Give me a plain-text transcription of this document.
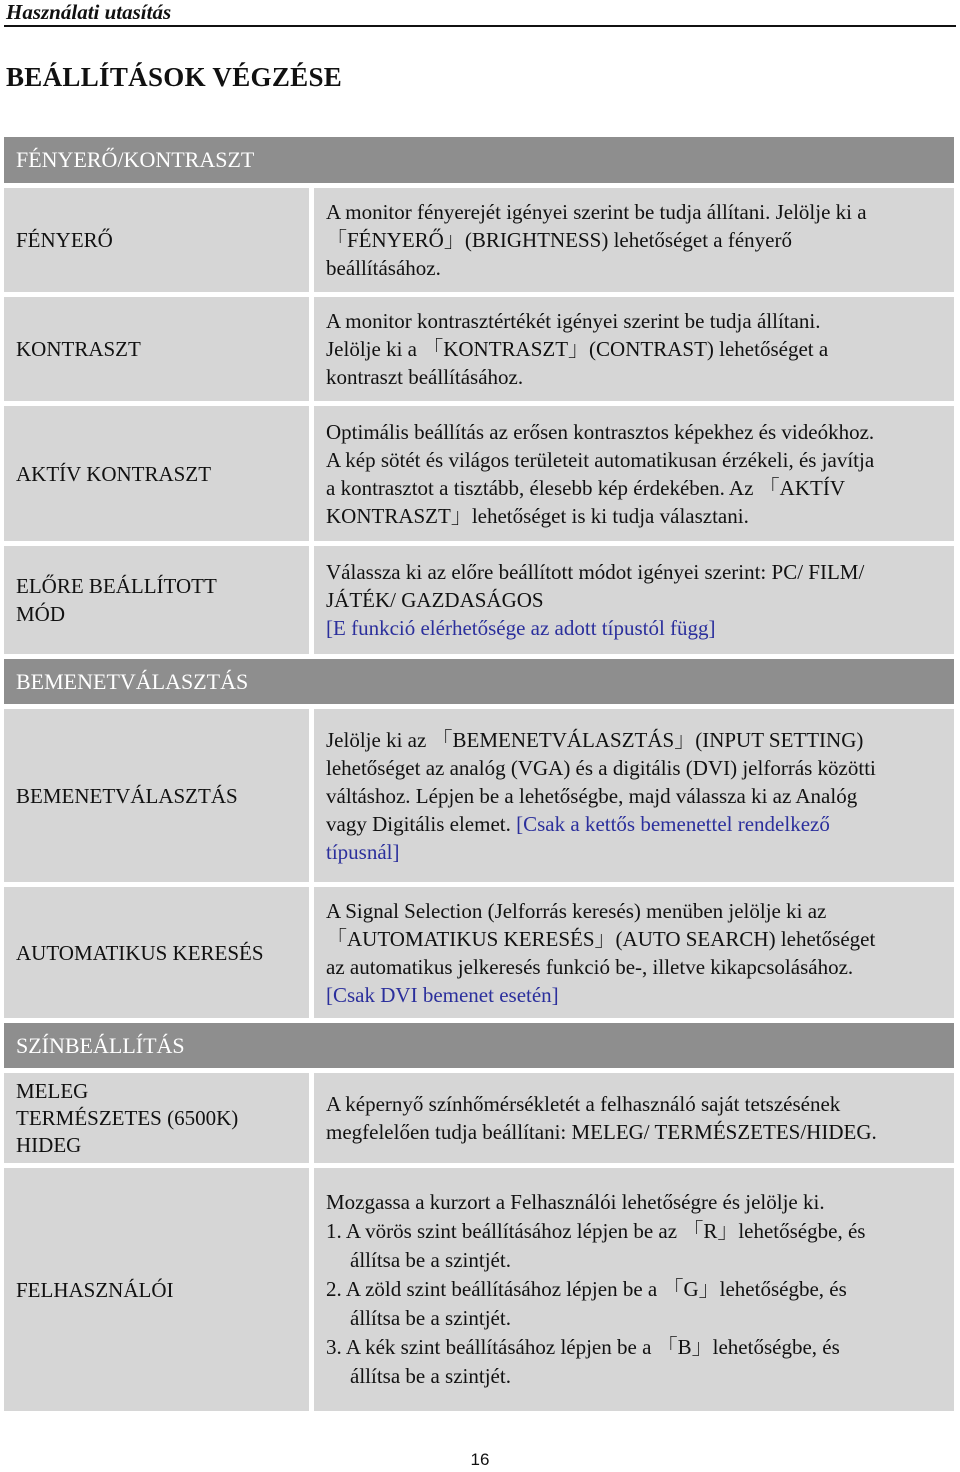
Használati utasítás
BEÁLLÍTÁSOK VÉGZÉSE
FÉNYERŐ/KONTRASZT
FÉNYERŐ
A monitor fényerejét igényei szerint be tudja állítani. Jelölje ki a
「FÉNYERŐ」(BRIGHTNESS) lehetőséget a fényerő
beállításához.
KONTRASZT
A monitor kontrasztértékét igényei szerint be tudja állítani.
Jelölje ki a 「KONTRASZT」(CONTRAST) lehetőséget a
kontraszt beállításához.
AKTÍV KONTRASZT
Optimális beállítás az erősen kontrasztos képekhez és videókhoz.
A kép sötét és világos területeit automatikusan érzékeli, és javítja
a kontrasztot a tisztább, élesebb kép érdekében. Az 「AKTÍV
KONTRASZT」lehetőséget is ki tudja választani.
ELŐRE BEÁLLÍTOTT
MÓD
Válassza ki az előre beállított módot igényei szerint: PC/ FILM/
JÁTÉK/ GAZDASÁGOS
[E funkció elérhetősége az adott típustól függ]
BEMENETVÁLASZTÁS
BEMENETVÁLASZTÁS
Jelölje ki az 「BEMENETVÁLASZTÁS」(INPUT SETTING)
lehetőséget az analóg (VGA) és a digitális (DVI) jelforrás közötti
váltáshoz. Lépjen be a lehetőségbe, majd válassza ki az Analóg
vagy Digitális elemet. [Csak a kettős bemenettel rendelkező
típusnál]
AUTOMATIKUS KERESÉS
A Signal Selection (Jelforrás keresés) menüben jelölje ki az
「AUTOMATIKUS KERESÉS」(AUTO SEARCH) lehetőséget
az automatikus jelkeresés funkció be-, illetve kikapcsolásához.
[Csak DVI bemenet esetén]
SZÍNBEÁLLÍTÁS
MELEG
TERMÉSZETES (6500K)
HIDEG
A képernyő színhőmérsékletét a felhasználó saját tetszésének
megfelelően tudja beállítani: MELEG/ TERMÉSZETES/HIDEG.
FELHASZNÁLÓI
Mozgassa a kurzort a Felhasználói lehetőségre és jelölje ki.
1. A vörös szint beállításához lépjen be az 「R」lehetőségbe, és
állítsa be a szintjét.
2. A zöld szint beállításához lépjen be a 「G」lehetőségbe, és
állítsa be a szintjét.
3. A kék szint beállításához lépjen be a 「B」lehetőségbe, és
állítsa be a szintjét.
16
